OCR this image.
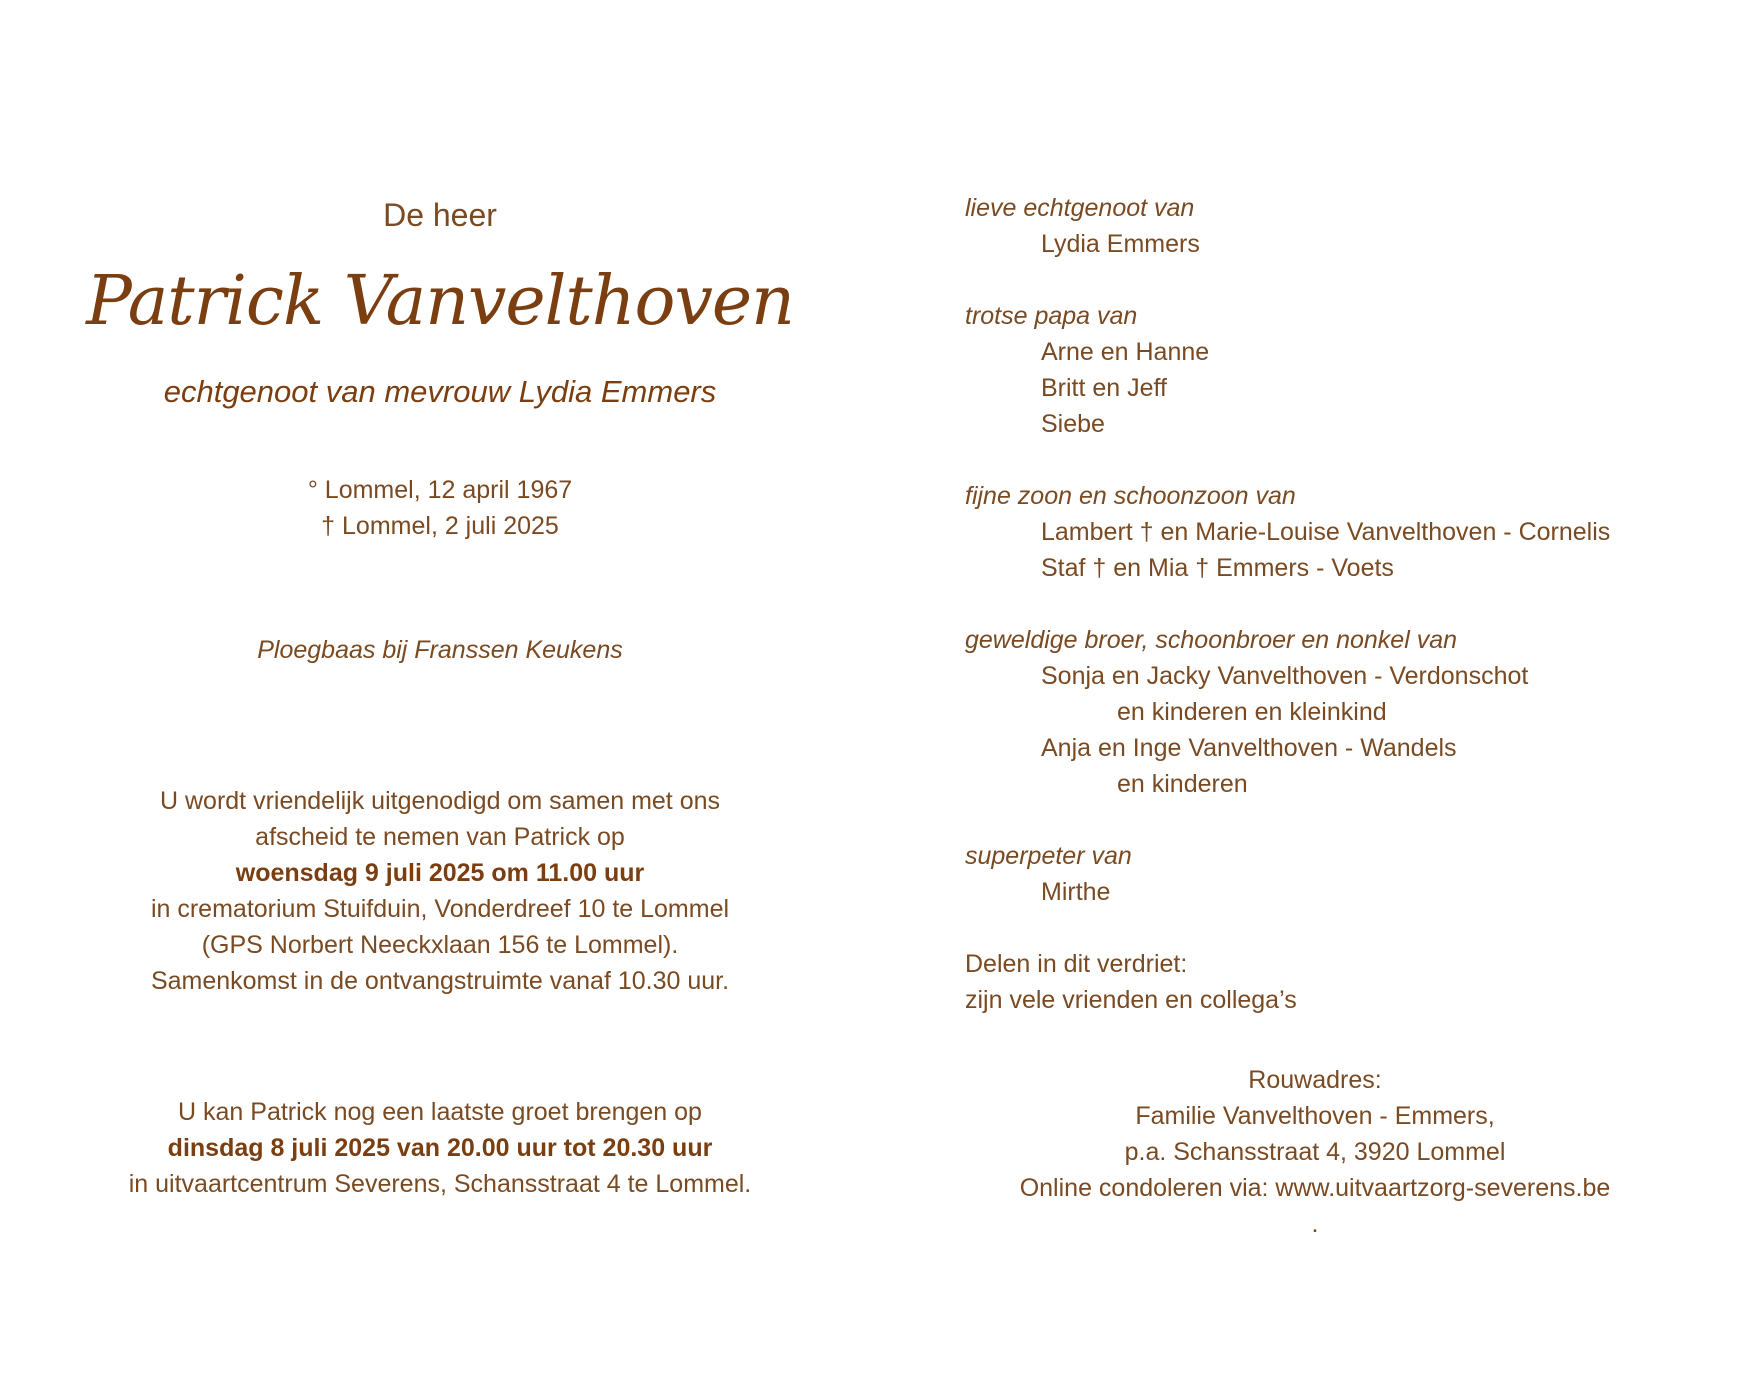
De heer
Patrick Vanvelthoven
echtgenoot van mevrouw Lydia Emmers
° Lommel, 12 april 1967
† Lommel, 2 juli 2025
Ploegbaas bij Franssen Keukens
U wordt vriendelijk uitgenodigd om samen met ons
afscheid te nemen van Patrick op
woensdag 9 juli 2025 om 11.00 uur
in crematorium Stuifduin, Vonderdreef 10 te Lommel
(GPS Norbert Neeckxlaan 156 te Lommel).
Samenkomst in de ontvangstruimte vanaf 10.30 uur.
U kan Patrick nog een laatste groet brengen op
dinsdag 8 juli 2025 van 20.00 uur tot 20.30 uur
in uitvaartcentrum Severens, Schansstraat 4 te Lommel.
lieve echtgenoot van
Lydia Emmers
trotse papa van
Arne en Hanne
Britt en Jeff
Siebe
fijne zoon en schoonzoon van
Lambert † en Marie-Louise Vanvelthoven - Cornelis
Staf † en Mia † Emmers - Voets
geweldige broer, schoonbroer en nonkel van
Sonja en Jacky Vanvelthoven - Verdonschot
en kinderen en kleinkind
Anja en Inge Vanvelthoven - Wandels
en kinderen
superpeter van
Mirthe
Delen in dit verdriet:
zijn vele vrienden en collega’s
Rouwadres:
Familie Vanvelthoven - Emmers,
p.a. Schansstraat 4, 3920 Lommel
Online condoleren via: www.uitvaartzorg-severens.be
.
